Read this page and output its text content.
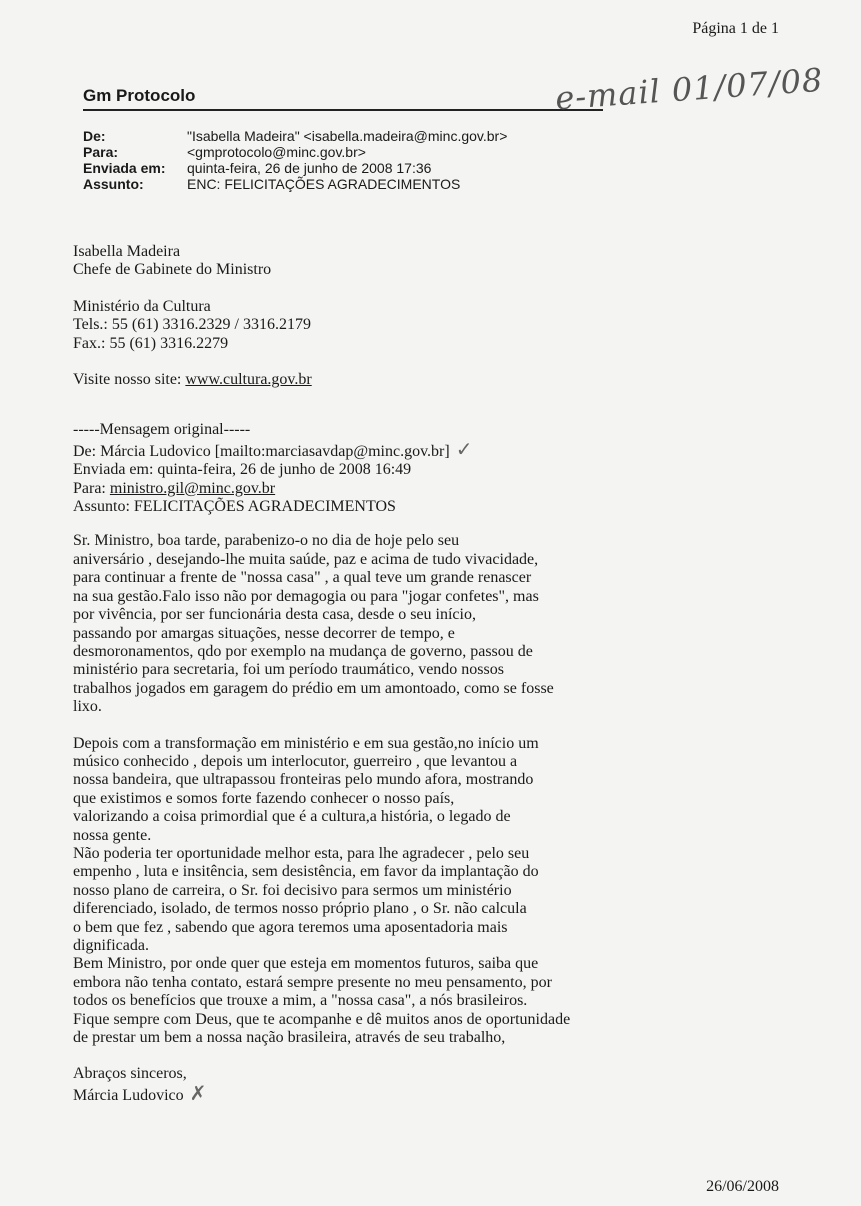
Página 1 de 1
Gm Protocolo	e-mail 01/07/08
De:	"Isabella Madeira" <isabella.madeira@minc.gov.br>
Para:	<gmprotocolo@minc.gov.br>
Enviada em:	quinta-feira, 26 de junho de 2008 17:36
Assunto:	ENC: FELICITAÇÕES AGRADECIMENTOS

Isabella Madeira

Chefe de Gabinete do Ministro

Ministério da Cultura

Tels.: 55 (61) 3316.2329 / 3316.2179

Fax.: 55 (61) 3316.2279

Visite nosso site: www.cultura.gov.br

-----Mensagem original-----

De: Márcia Ludovico [mailto:marciasavdap@minc.gov.br] ✓

Enviada em: quinta-feira, 26 de junho de 2008 16:49

Para: ministro.gil@minc.gov.br

Assunto: FELICITAÇÕES AGRADECIMENTOS

Sr. Ministro, boa tarde, parabenizo-o no dia de hoje pelo seu

aniversário , desejando-lhe muita saúde, paz e acima de tudo vivacidade,

para continuar a frente de "nossa casa" , a qual teve um grande renascer

na sua gestão.Falo isso não por demagogia ou para "jogar confetes", mas

por vivência, por ser funcionária desta casa, desde o seu início,

passando por amargas situações, nesse decorrer de tempo, e

desmoronamentos, qdo por exemplo na mudança de governo, passou de

ministério para secretaria, foi um período traumático, vendo nossos

trabalhos jogados em garagem do prédio em um amontoado, como se fosse

lixo.

Depois com a transformação em ministério e em sua gestão,no início um

músico conhecido , depois um interlocutor, guerreiro , que levantou a

nossa bandeira, que ultrapassou fronteiras pelo mundo afora, mostrando

que existimos e somos forte fazendo conhecer o nosso país,

valorizando a coisa primordial que é a cultura,a história, o legado de

nossa gente.

Não poderia ter oportunidade melhor esta, para lhe agradecer , pelo seu

empenho , luta e insitência, sem desistência, em favor da implantação do

nosso plano de carreira, o Sr. foi decisivo para sermos um ministério

diferenciado, isolado, de termos nosso próprio plano , o Sr. não calcula

o bem que fez , sabendo que agora teremos uma aposentadoria mais

dignificada.

Bem Ministro, por onde quer que esteja em momentos futuros, saiba que

embora não tenha contato, estará sempre presente no meu pensamento, por

todos os benefícios que trouxe a mim, a "nossa casa", a nós brasileiros.

Fique sempre com Deus, que te acompanhe e dê muitos anos de oportunidade

de prestar um bem a nossa nação brasileira, através de seu trabalho,

Abraços sinceros,

Márcia Ludovico ✗

26/06/2008
